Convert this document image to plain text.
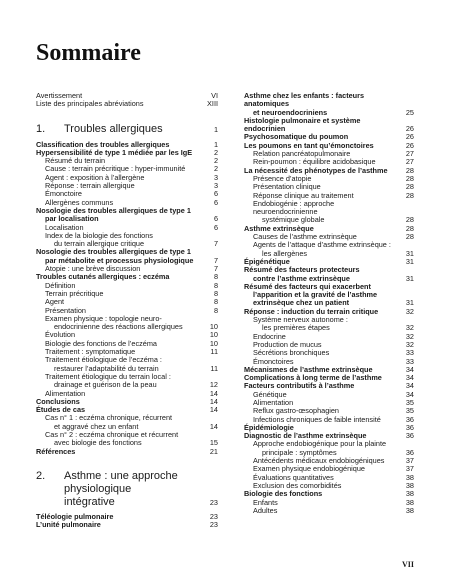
Sommaire
Avertissement	VI
Liste des principales abréviations	XIII
1.	Troubles allergiques	1
Classification des troubles allergiques	1
Hypersensibilité de type 1 médiée par les IgE	2
Résumé du terrain	2
Cause : terrain précritique : hyper-immunité	2
Agent : exposition à l’allergène	3
Réponse : terrain allergique	3
Émonctoire	6
Allergènes communs	6
Nosologie des troubles allergiques de type 1
par localisation	6
Localisation	6
Index de la biologie des fonctions
du terrain allergique critique	7
Nosologie des troubles allergiques de type 1
par métabolite et processus physiologique	7
Atopie : une brève discussion	7
Troubles cutanés allergiques : eczéma	8
Définition	8
Terrain précritique	8
Agent	8
Présentation	8
Examen physique : topologie neuro-
endocrinienne des réactions allergiques	10
Évolution	10
Biologie des fonctions de l’eczéma	10
Traitement : symptomatique	11
Traitement étiologique de l’eczéma :
restaurer l’adaptabilité du terrain	11
Traitement étiologique du terrain local :
drainage et guérison de la peau	12
Alimentation	14
Conclusions	14
Études de cas	14
Cas n° 1 : eczéma chronique, récurrent
et aggravé chez un enfant	14
Cas n° 2 : eczéma chronique et récurrent
avec biologie des fonctions	15
Références	21
2.	Asthme : une approche physiologique
intégrative	23
Téléologie pulmonaire	23
L’unité pulmonaire	23
Asthme chez les enfants : facteurs anatomiques
et neuroendocriniens	25
Histologie pulmonaire et système endocrinien	26
Psychosomatique du poumon	26
Les poumons en tant qu’émonctoires	26
Relation pancréatopulmonaire	27
Rein-poumon : équilibre acidobasique	27
La nécessité des phénotypes de l’asthme	28
Présence d’atopie	28
Présentation clinique	28
Réponse clinique au traitement	28
Endobiogénie : approche neuroendocrinienne
systémique globale	28
Asthme extrinsèque	28
Causes de l’asthme extrinsèque	28
Agents de l’attaque d’asthme extrinsèque :
les allergènes	31
Épigénétique	31
Résumé des facteurs protecteurs
contre l’asthme extrinsèque	31
Résumé des facteurs qui exacerbent
l’apparition et la gravité de l’asthme
extrinsèque chez un patient	31
Réponse : induction du terrain critique	32
Système nerveux autonome :
les premières étapes	32
Endocrine	32
Production de mucus	32
Sécrétions bronchiques	33
Émonctoires	33
Mécanismes de l’asthme extrinsèque	34
Complications à long terme de l’asthme	34
Facteurs contributifs à l’asthme	34
Génétique	34
Alimentation	35
Reflux gastro-œsophagien	35
Infections chroniques de faible intensité	36
Épidémiologie	36
Diagnostic de l’asthme extrinsèque	36
Approche endobiogénique pour la plainte
principale : symptômes	36
Antécédents médicaux endobiogéniques	37
Examen physique endobiogénique	37
Évaluations quantitatives	38
Exclusion des comorbidités	38
Biologie des fonctions	38
Enfants	38
Adultes	38
VII
